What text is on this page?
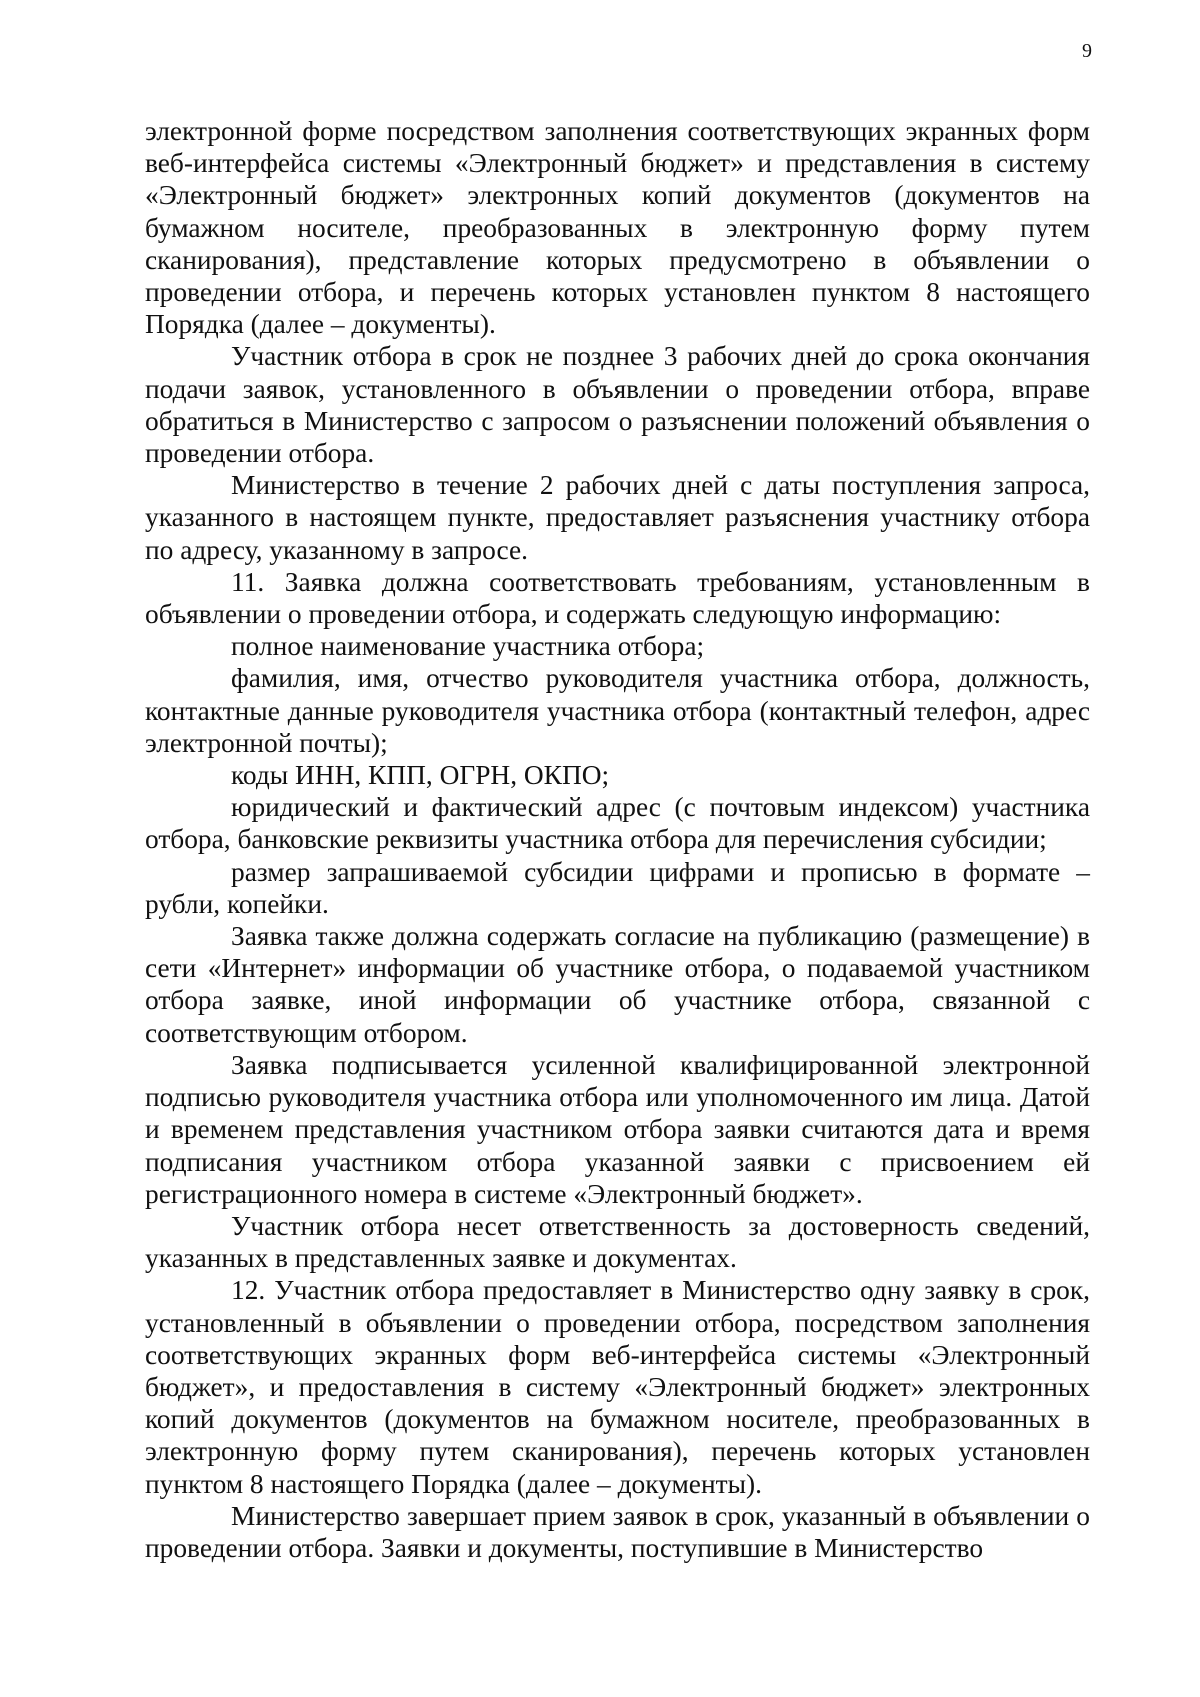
9

электронной форме посредством заполнения соответствующих экранных форм веб-интерфейса системы «Электронный бюджет» и представления в систему «Электронный бюджет» электронных копий документов (документов на бумажном носителе, преобразованных в электронную форму путем сканирования), представление которых предусмотрено в объявлении о проведении отбора, и перечень которых установлен пунктом 8 настоящего Порядка (далее – документы).

Участник отбора в срок не позднее 3 рабочих дней до срока окончания подачи заявок, установленного в объявлении о проведении отбора, вправе обратиться в Министерство с запросом о разъяснении положений объявления о проведении отбора.

Министерство в течение 2 рабочих дней с даты поступления запроса, указанного в настоящем пункте, предоставляет разъяснения участнику отбора по адресу, указанному в запросе.

11. Заявка должна соответствовать требованиям, установленным в объявлении о проведении отбора, и содержать следующую информацию:

полное наименование участника отбора;

фамилия, имя, отчество руководителя участника отбора, должность, контактные данные руководителя участника отбора (контактный телефон, адрес электронной почты);

коды ИНН, КПП, ОГРН, ОКПО;

юридический и фактический адрес (с почтовым индексом) участника отбора, банковские реквизиты участника отбора для перечисления субсидии;

размер запрашиваемой субсидии цифрами и прописью в формате – рубли, копейки.

Заявка также должна содержать согласие на публикацию (размещение) в сети «Интернет» информации об участнике отбора, о подаваемой участником отбора заявке, иной информации об участнике отбора, связанной с соответствующим отбором.

Заявка подписывается усиленной квалифицированной электронной подписью руководителя участника отбора или уполномоченного им лица. Датой и временем представления участником отбора заявки считаются дата и время подписания участником отбора указанной заявки с присвоением ей регистрационного номера в системе «Электронный бюджет».

Участник отбора несет ответственность за достоверность сведений, указанных в представленных заявке и документах.

12. Участник отбора предоставляет в Министерство одну заявку в срок, установленный в объявлении о проведении отбора, посредством заполнения соответствующих экранных форм веб-интерфейса системы «Электронный бюджет», и предоставления в систему «Электронный бюджет» электронных копий документов (документов на бумажном носителе, преобразованных в электронную форму путем сканирования), перечень которых установлен пунктом 8 настоящего Порядка (далее – документы).

Министерство завершает прием заявок в срок, указанный в объявлении о проведении отбора. Заявки и документы, поступившие в Министерство
